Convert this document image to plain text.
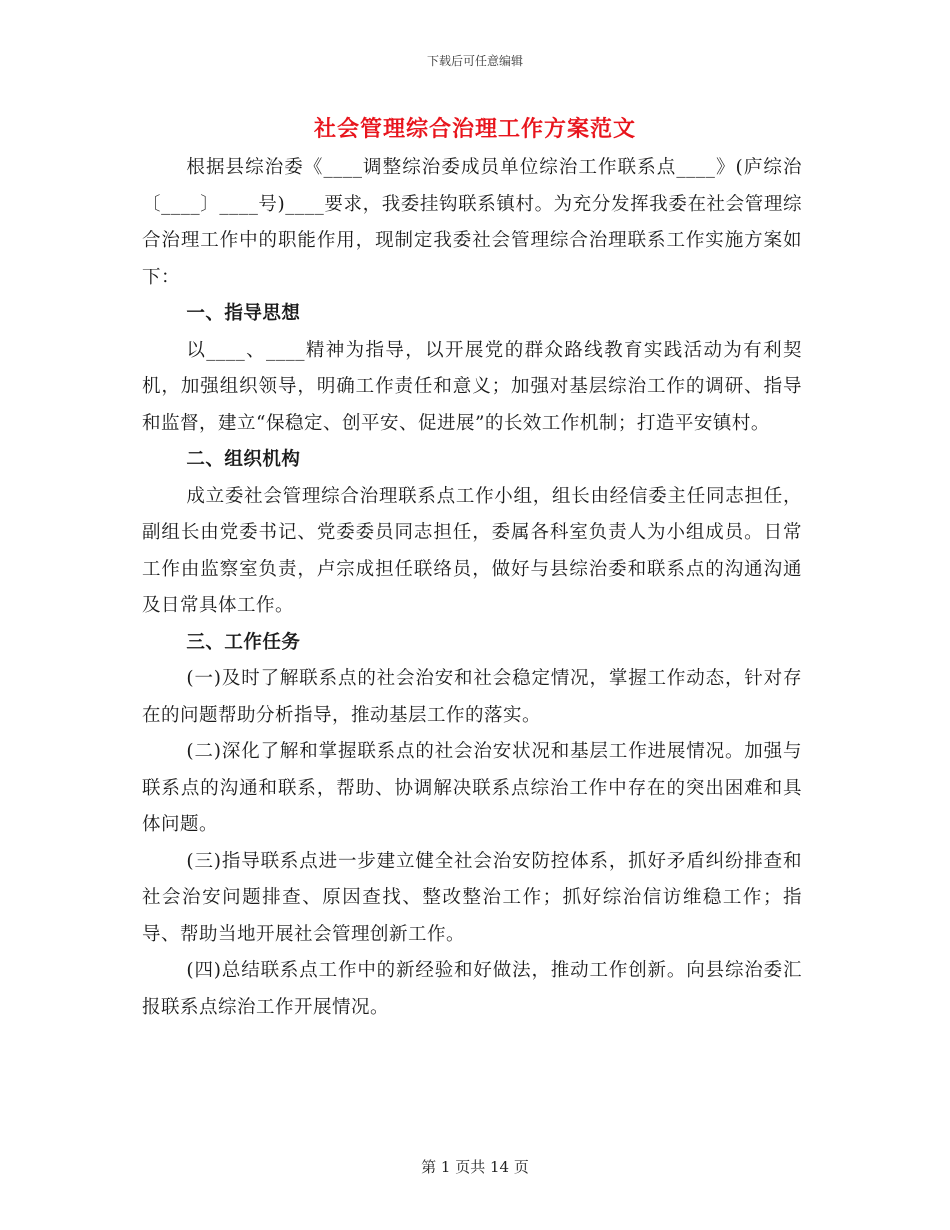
下载后可任意编辑
社会管理综合治理工作方案范文

根据县综治委《____调整综治委成员单位综治工作联系点____》(庐综治〔____〕____号)____要求，我委挂钩联系镇村。为充分发挥我委在社会管理综合治理工作中的职能作用，现制定我委社会管理综合治理联系工作实施方案如下：

一、指导思想

以____、____精神为指导，以开展党的群众路线教育实践活动为有利契机，加强组织领导，明确工作责任和意义；加强对基层综治工作的调研、指导和监督，建立“保稳定、创平安、促进展”的长效工作机制；打造平安镇村。

二、组织机构

成立委社会管理综合治理联系点工作小组，组长由经信委主任同志担任，副组长由党委书记、党委委员同志担任，委属各科室负责人为小组成员。日常工作由监察室负责，卢宗成担任联络员，做好与县综治委和联系点的沟通沟通及日常具体工作。

三、工作任务

(一)及时了解联系点的社会治安和社会稳定情况，掌握工作动态，针对存在的问题帮助分析指导，推动基层工作的落实。

(二)深化了解和掌握联系点的社会治安状况和基层工作进展情况。加强与联系点的沟通和联系，帮助、协调解决联系点综治工作中存在的突出困难和具体问题。

(三)指导联系点进一步建立健全社会治安防控体系，抓好矛盾纠纷排查和社会治安问题排查、原因查找、整改整治工作；抓好综治信访维稳工作；指导、帮助当地开展社会管理创新工作。

(四)总结联系点工作中的新经验和好做法，推动工作创新。向县综治委汇报联系点综治工作开展情况。

第 1 页共 14 页
